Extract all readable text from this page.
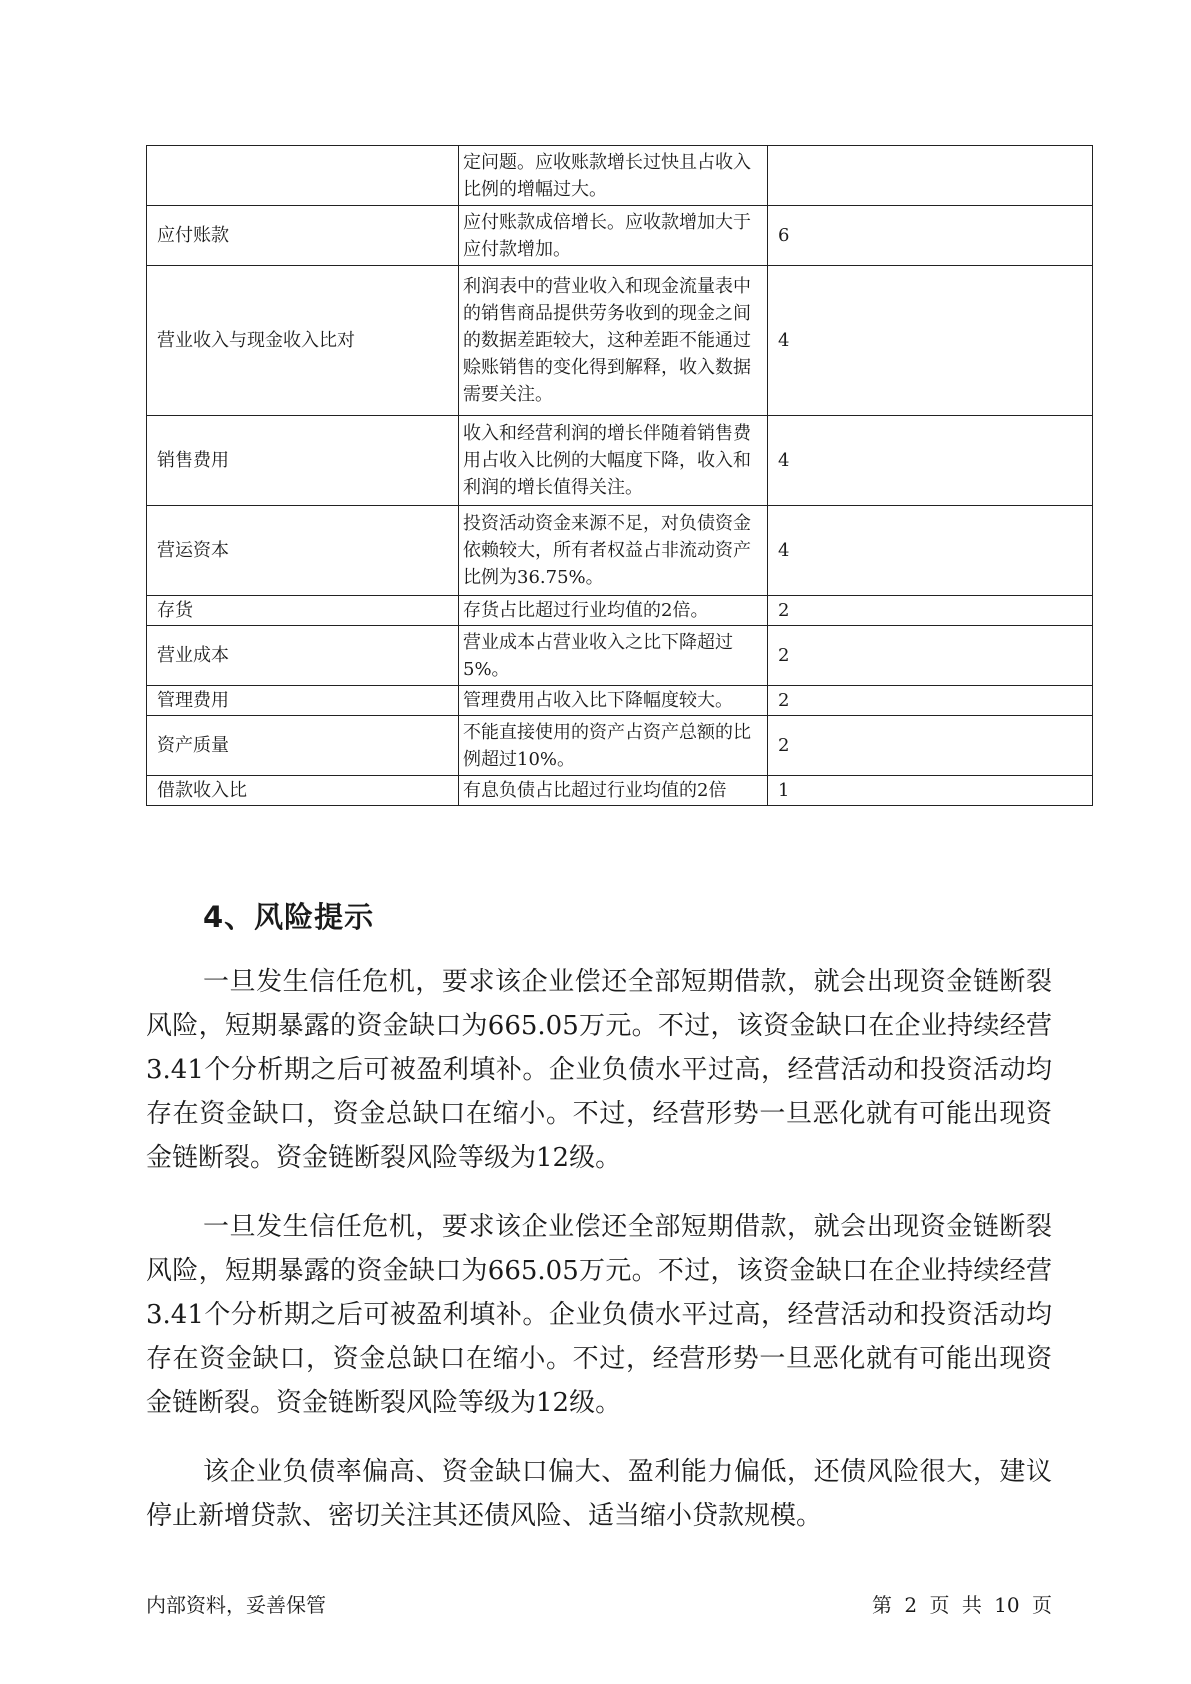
	定问题。应收账款增长过快且占收入比例的增幅过大。	
应付账款	应付账款成倍增长。应收款增加大于应付款增加。	6
营业收入与现金收入比对	利润表中的营业收入和现金流量表中的销售商品提供劳务收到的现金之间的数据差距较大，这种差距不能通过赊账销售的变化得到解释，收入数据需要关注。	4
销售费用	收入和经营利润的增长伴随着销售费用占收入比例的大幅度下降，收入和利润的增长值得关注。	4
营运资本	投资活动资金来源不足，对负债资金依赖较大，所有者权益占非流动资产比例为36.75%。	4
存货	存货占比超过行业均值的2倍。	2
营业成本	营业成本占营业收入之比下降超过5%。	2
管理费用	管理费用占收入比下降幅度较大。	2
资产质量	不能直接使用的资产占资产总额的比例超过10%。	2
借款收入比	有息负债占比超过行业均值的2倍	1
4、风险提示

一旦发生信任危机，要求该企业偿还全部短期借款，就会出现资金链断裂风险，短期暴露的资金缺口为665.05万元。不过，该资金缺口在企业持续经营 3.41个分析期之后可被盈利填补。企业负债水平过高，经营活动和投资活动均存在资金缺口，资金总缺口在缩小。不过，经营形势一旦恶化就有可能出现资金链断裂。资金链断裂风险等级为12级。

一旦发生信任危机，要求该企业偿还全部短期借款，就会出现资金链断裂风险，短期暴露的资金缺口为665.05万元。不过，该资金缺口在企业持续经营 3.41个分析期之后可被盈利填补。企业负债水平过高，经营活动和投资活动均存在资金缺口，资金总缺口在缩小。不过，经营形势一旦恶化就有可能出现资金链断裂。资金链断裂风险等级为12级。

该企业负债率偏高、资金缺口偏大、盈利能力偏低，还债风险很大，建议停止新增贷款、密切关注其还债风险、适当缩小贷款规模。

内部资料，妥善保管	第 2 页 共 10 页
